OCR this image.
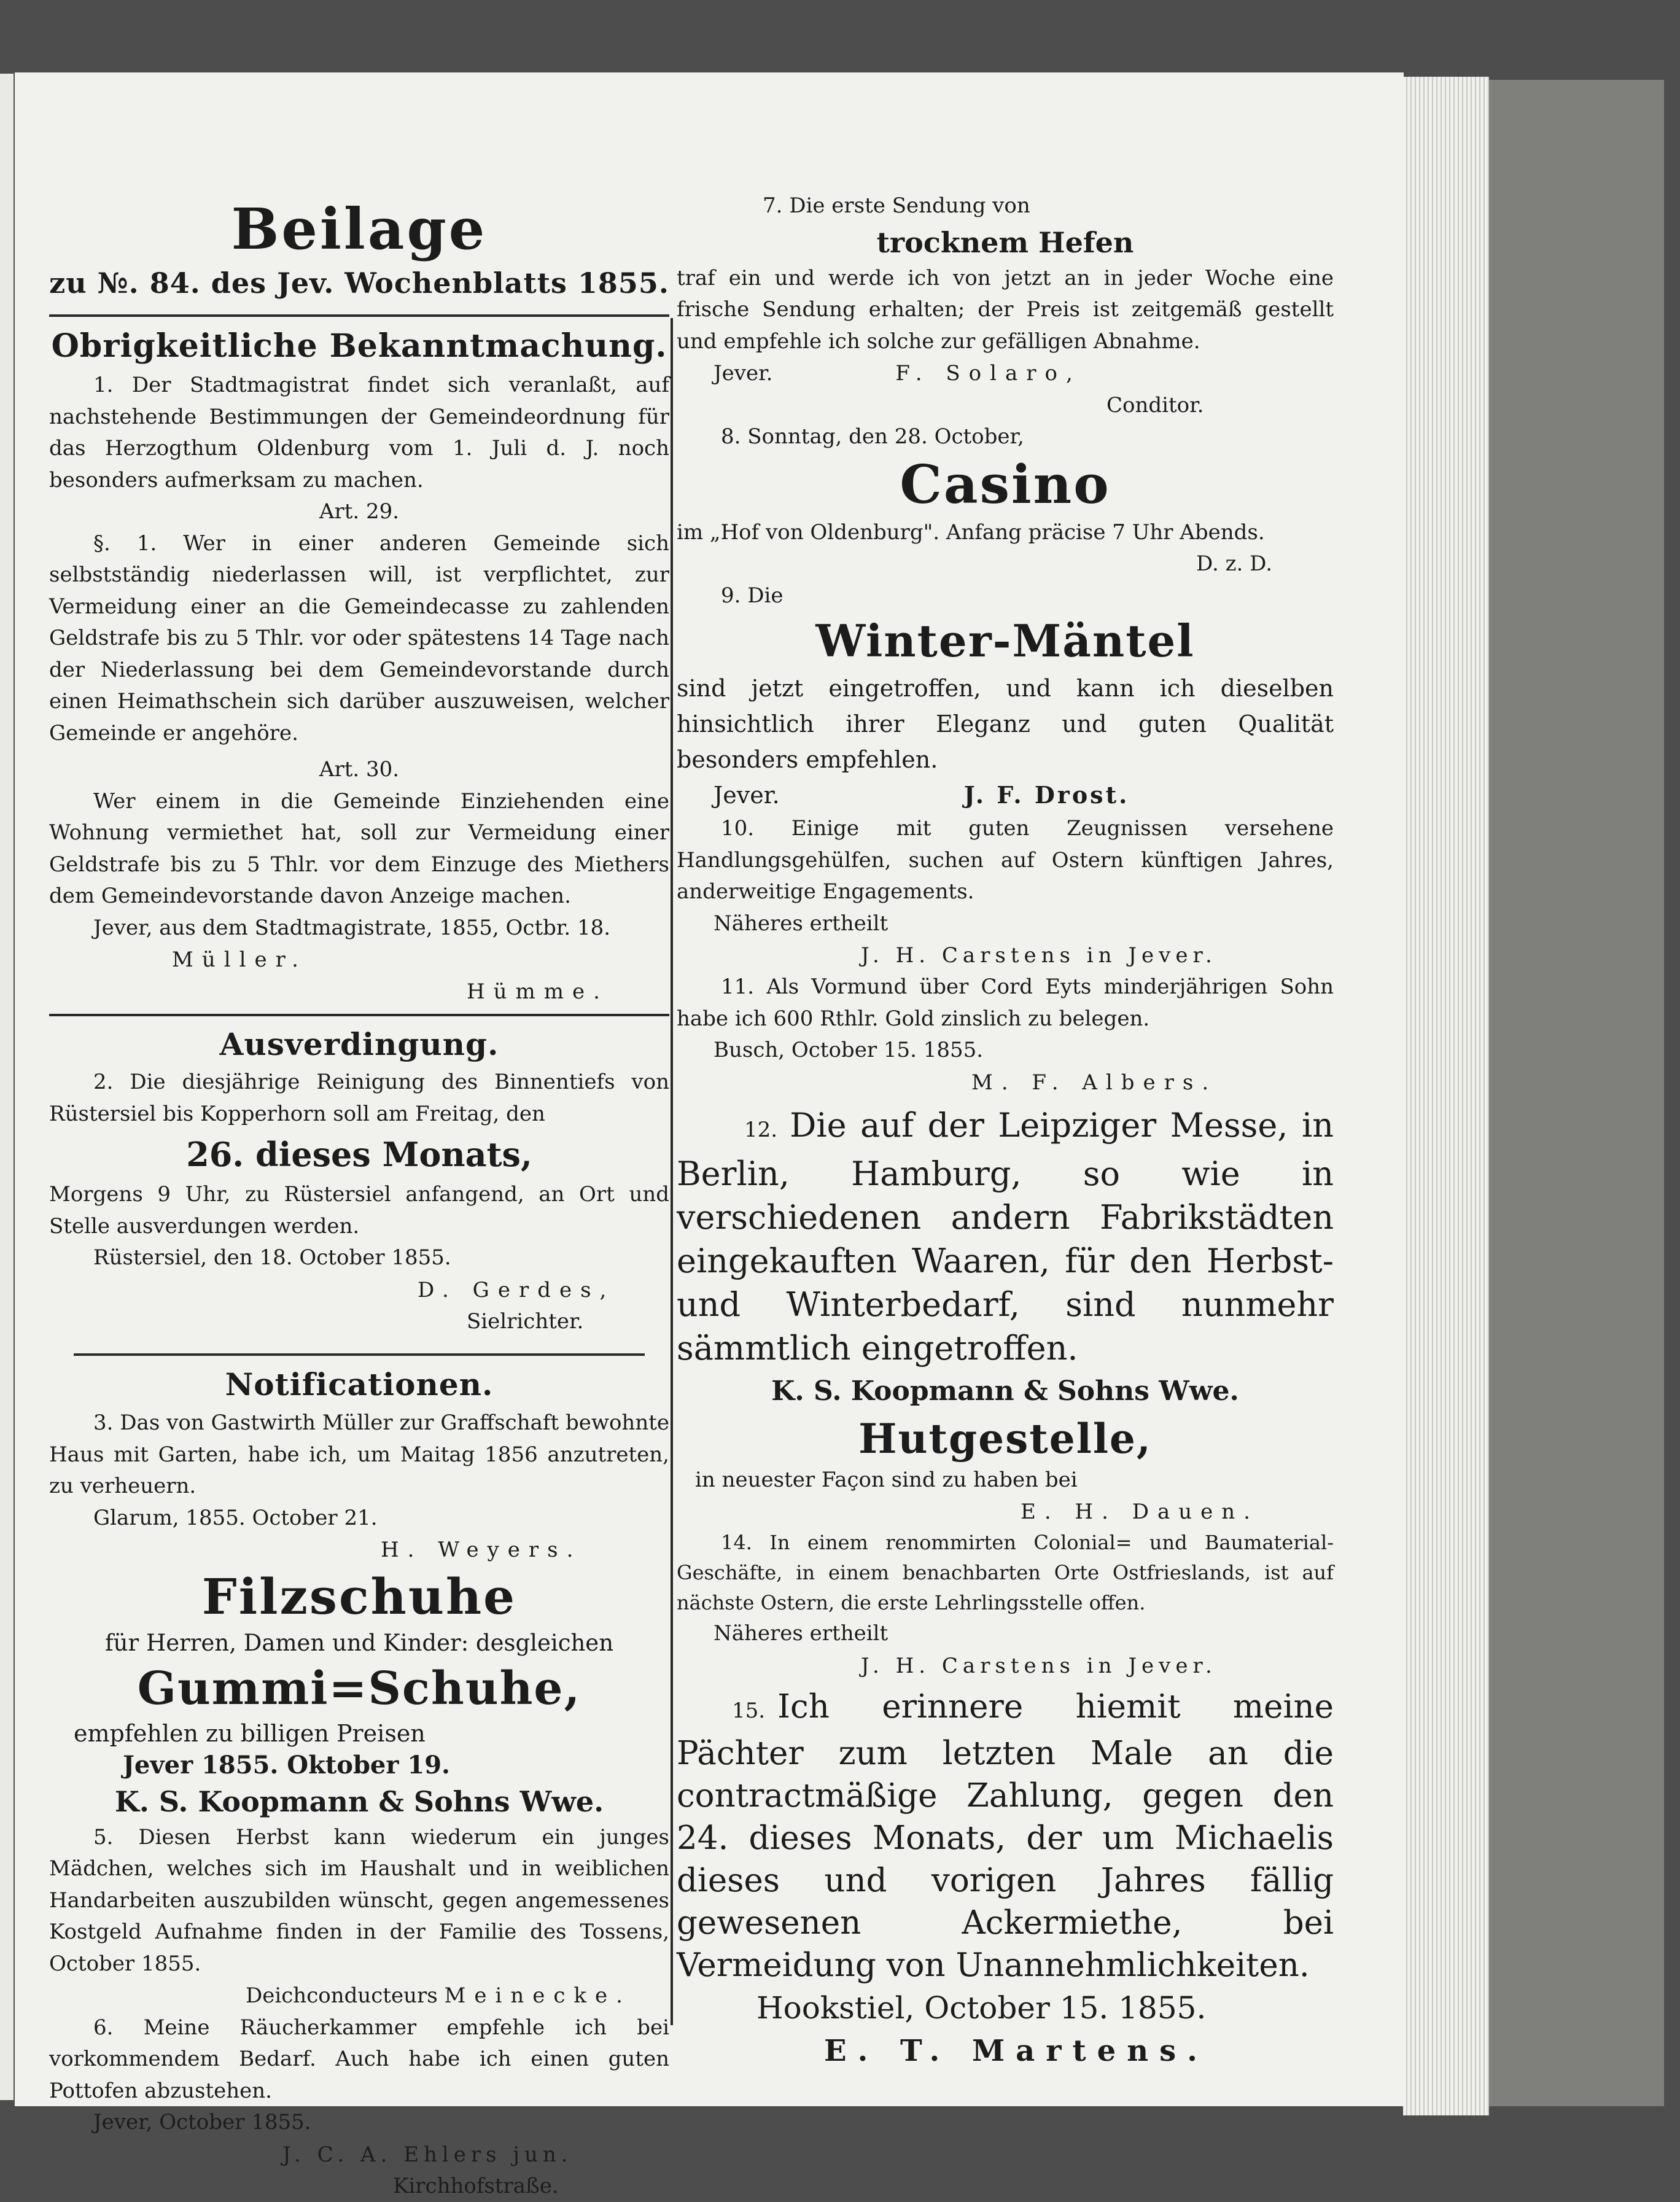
Beilage

zu №. 84. des Jev. Wochenblatts 1855.

Obrigkeitliche Bekanntmachung.

1. Der Stadtmagistrat findet sich veranlaßt, auf nachstehende Bestimmungen der Gemeindeordnung für das Herzogthum Oldenburg vom 1. Juli d. J. noch besonders aufmerksam zu machen.

Art. 29.

§. 1. Wer in einer anderen Gemeinde sich selbstständig niederlassen will, ist verpflichtet, zur Vermeidung einer an die Gemeindecasse zu zahlenden Geldstrafe bis zu 5 Thlr. vor oder spätestens 14 Tage nach der Niederlassung bei dem Gemeindevorstande durch einen Heimathschein sich darüber auszuweisen, welcher Gemeinde er angehöre.

Art. 30.

Wer einem in die Gemeinde Einziehenden eine Wohnung vermiethet hat, soll zur Vermeidung einer Geldstrafe bis zu 5 Thlr. vor dem Einzuge des Miethers dem Gemeindevorstande davon Anzeige machen.

Jever, aus dem Stadtmagistrate, 1855, Octbr. 18.

Müller.

Hümme.

Ausverdingung.

2. Die diesjährige Reinigung des Binnentiefs von Rüstersiel bis Kopperhorn soll am Freitag, den

26. dieses Monats,

Morgens 9 Uhr, zu Rüstersiel anfangend, an Ort und Stelle ausverdungen werden.

Rüstersiel, den 18. October 1855.

D. Gerdes,

Sielrichter.

Notificationen.

3. Das von Gastwirth Müller zur Graffschaft bewohnte Haus mit Garten, habe ich, um Maitag 1856 anzutreten, zu verheuern.

Glarum, 1855. October 21.

H. Weyers.

Filzschuhe

für Herren, Damen und Kinder: desgleichen

Gummi=Schuhe,

empfehlen zu billigen Preisen

Jever 1855. Oktober 19.

K. S. Koopmann & Sohns Wwe.

5. Diesen Herbst kann wiederum ein junges Mädchen, welches sich im Haushalt und in weiblichen Handarbeiten auszubilden wünscht, gegen angemessenes Kostgeld Aufnahme finden in der Familie des Tossens, October 1855.

Deichconducteurs Meinecke.

6. Meine Räucherkammer empfehle ich bei vorkommendem Bedarf. Auch habe ich einen guten Pottofen abzustehen.

Jever, October 1855.

J. C. A. Ehlers jun.

Kirchhofstraße.

7. Die erste Sendung von

trocknem Hefen

traf ein und werde ich von jetzt an in jeder Woche eine frische Sendung erhalten; der Preis ist zeitgemäß gestellt und empfehle ich solche zur gefälligen Abnahme.

Jever.	F. Solaro,

Conditor.

8. Sonntag, den 28. October,

Casino

im „Hof von Oldenburg". Anfang präcise 7 Uhr Abends.

D. z. D.

9. Die

Winter-Mäntel

sind jetzt eingetroffen, und kann ich dieselben hinsichtlich ihrer Eleganz und guten Qualität besonders empfehlen.

Jever.	J. F. Drost.

10. Einige mit guten Zeugnissen versehene Handlungsgehülfen, suchen auf Ostern künftigen Jahres, anderweitige Engagements.

Näheres ertheilt

J. H. Carstens in Jever.

11. Als Vormund über Cord Eyts minderjährigen Sohn habe ich 600 Rthlr. Gold zinslich zu belegen.

Busch, October 15. 1855.

M. F. Albers.

12. Die auf der Leipziger Messe, in Berlin, Hamburg, so wie in verschiedenen andern Fabrikstädten eingekauften Waaren, für den Herbst- und Winterbedarf, sind nunmehr sämmtlich eingetroffen.

K. S. Koopmann & Sohns Wwe.

Hutgestelle,

in neuester Façon sind zu haben bei

E. H. Dauen.

14. In einem renommirten Colonial= und Baumaterial-Geschäfte, in einem benachbarten Orte Ostfrieslands, ist auf nächste Ostern, die erste Lehrlingsstelle offen.

Näheres ertheilt

J. H. Carstens in Jever.

15. Ich erinnere hiemit meine Pächter zum letzten Male an die contractmäßige Zahlung, gegen den 24. dieses Monats, der um Michaelis dieses und vorigen Jahres fällig gewesenen Ackermiethe, bei Vermeidung von Unannehmlichkeiten.

Hookstiel, October 15. 1855.

E. T. Martens.
